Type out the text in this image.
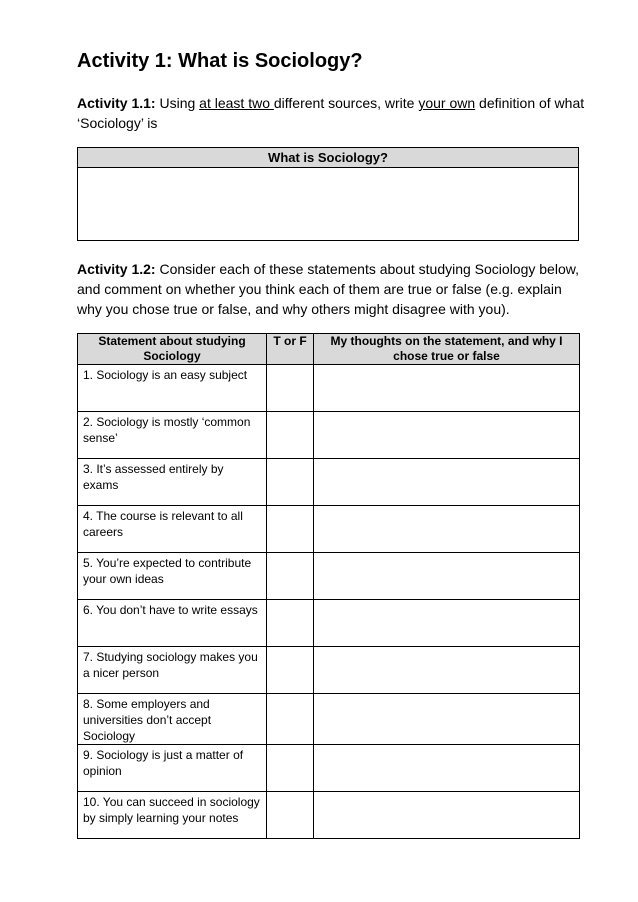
Activity 1: What is Sociology?
Activity 1.1: Using at least two different sources, write your own definition of what ‘Sociology’ is
What is Sociology?
Activity 1.2: Consider each of these statements about studying Sociology below, and comment on whether you think each of them are true or false (e.g. explain why you chose true or false, and why others might disagree with you).
Statement about studying Sociology	T or F	My thoughts on the statement, and why I chose true or false
1. Sociology is an easy subject		
2. Sociology is mostly ‘common sense’		
3. It’s assessed entirely by exams		
4. The course is relevant to all careers		
5. You’re expected to contribute your own ideas		
6. You don’t have to write essays		
7. Studying sociology makes you a nicer person		
8. Some employers and universities don’t accept Sociology		
9. Sociology is just a matter of opinion		
10. You can succeed in sociology by simply learning your notes		
